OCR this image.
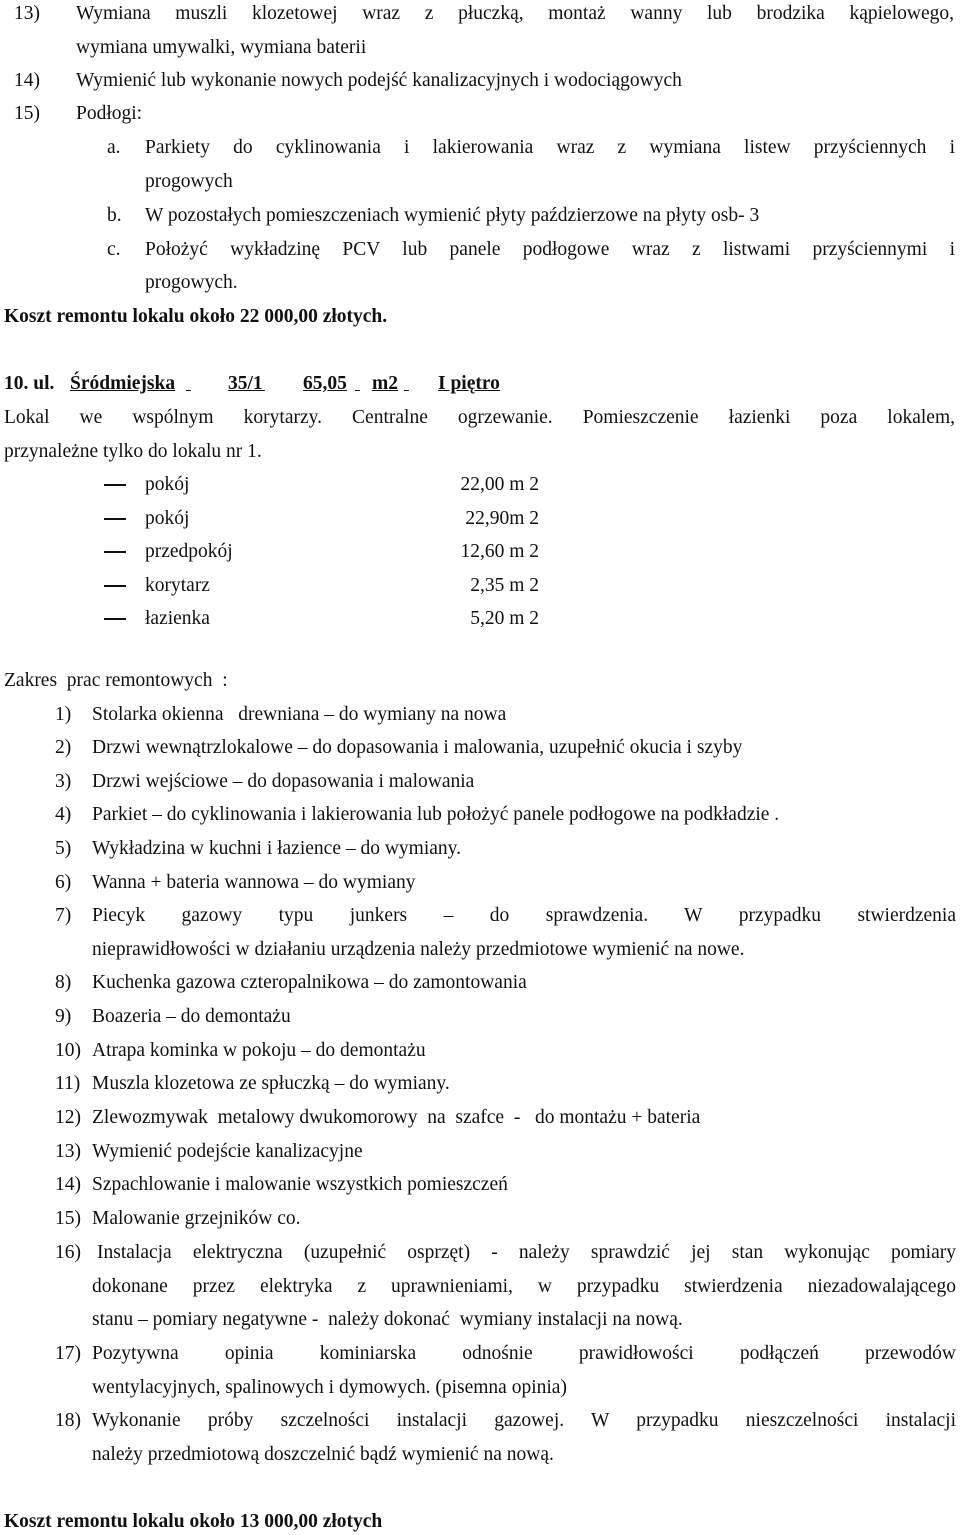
13) Wymiana muszli klozetowej wraz z płuczką, montaż wanny lub brodzika kąpielowego,
wymiana umywalki, wymiana baterii
14) Wymienić lub wykonanie nowych podejść kanalizacyjnych i wodociągowych
15) Podłogi:
a. Parkiety do cyklinowania i lakierowania wraz z wymiana listew przyściennych i
progowych
b. W pozostałych pomieszczeniach wymienić płyty paździerzowe na płyty osb- 3
c. Położyć wykładzinę PCV lub panele podłogowe wraz z listwami przyściennymi i
progowych.
Koszt remontu lokalu około 22 000,00 złotych.
10. ul. Śródmiejska
	35/1
65,05
m2
I piętro
Lokal we wspólnym korytarzy. Centralne ogrzewanie. Pomieszczenie łazienki poza lokalem,
przynależne tylko do lokalu nr 1.
pokój	22,00 m 2
pokój	22,90m 2
przedpokój	12,60 m 2
korytarz	2,35 m 2
łazienka	5,20 m 2
Zakres  prac remontowych  :
1) Stolarka okienna   drewniana – do wymiany na nowa
2) Drzwi wewnątrzlokalowe – do dopasowania i malowania, uzupełnić okucia i szyby
3) Drzwi wejściowe – do dopasowania i malowania
4) Parkiet – do cyklinowania i lakierowania lub położyć panele podłogowe na podkładzie .
5) Wykładzina w kuchni i łazience – do wymiany.
6) Wanna + bateria wannowa – do wymiany
7) Piecyk gazowy typu junkers – do sprawdzenia. W przypadku stwierdzenia
nieprawidłowości w działaniu urządzenia należy przedmiotowe wymienić na nowe.
8) Kuchenka gazowa czteropalnikowa – do zamontowania
9) Boazeria – do demontażu
10) Atrapa kominka w pokoju – do demontażu
11) Muszla klozetowa ze spłuczką – do wymiany.
12) Zlewozmywak  metalowy dwukomorowy  na  szafce  -   do montażu + bateria
13) Wymienić podejście kanalizacyjne
14) Szpachlowanie i malowanie wszystkich pomieszczeń
15) Malowanie grzejników co.
16) Instalacja elektryczna (uzupełnić osprzęt) - należy sprawdzić jej stan wykonując pomiary
dokonane przez elektryka z uprawnieniami, w przypadku stwierdzenia niezadowalającego
stanu – pomiary negatywne -  należy dokonać  wymiany instalacji na nową.
17) Pozytywna opinia kominiarska odnośnie prawidłowości podłączeń przewodów
wentylacyjnych, spalinowych i dymowych. (pisemna opinia)
18) Wykonanie próby szczelności instalacji gazowej. W przypadku nieszczelności instalacji
należy przedmiotową doszczelnić bądź wymienić na nową.
Koszt remontu lokalu około 13 000,00 złotych
